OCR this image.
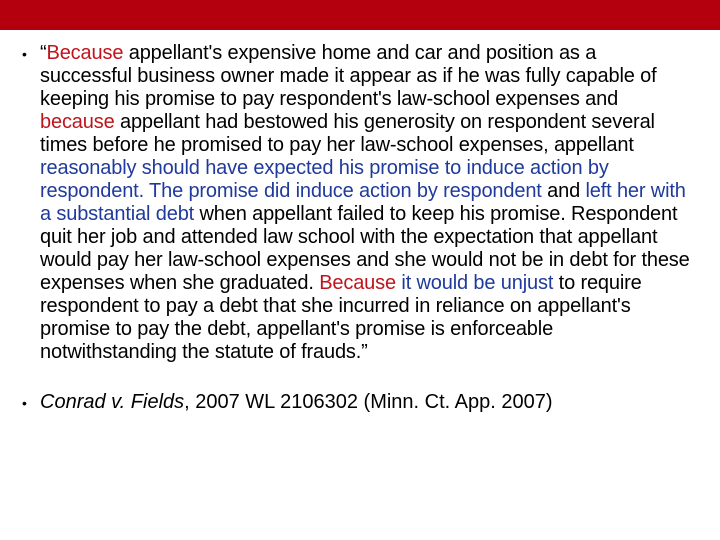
• “Because appellant's expensive home and car and position as a successful business owner made it appear as if he was fully capable of keeping his promise to pay respondent's law-school expenses and because appellant had bestowed his generosity on respondent several times before he promised to pay her law-school expenses, appellant reasonably should have expected his promise to induce action by respondent. The promise did induce action by respondent and left her with a substantial debt when appellant failed to keep his promise. Respondent quit her job and attended law school with the expectation that appellant would pay her law-school expenses and she would not be in debt for these expenses when she graduated. Because it would be unjust to require respondent to pay a debt that she incurred in reliance on appellant's promise to pay the debt, appellant's promise is enforceable notwithstanding the statute of frauds.”
• Conrad v. Fields, 2007 WL 2106302 (Minn. Ct. App. 2007)
